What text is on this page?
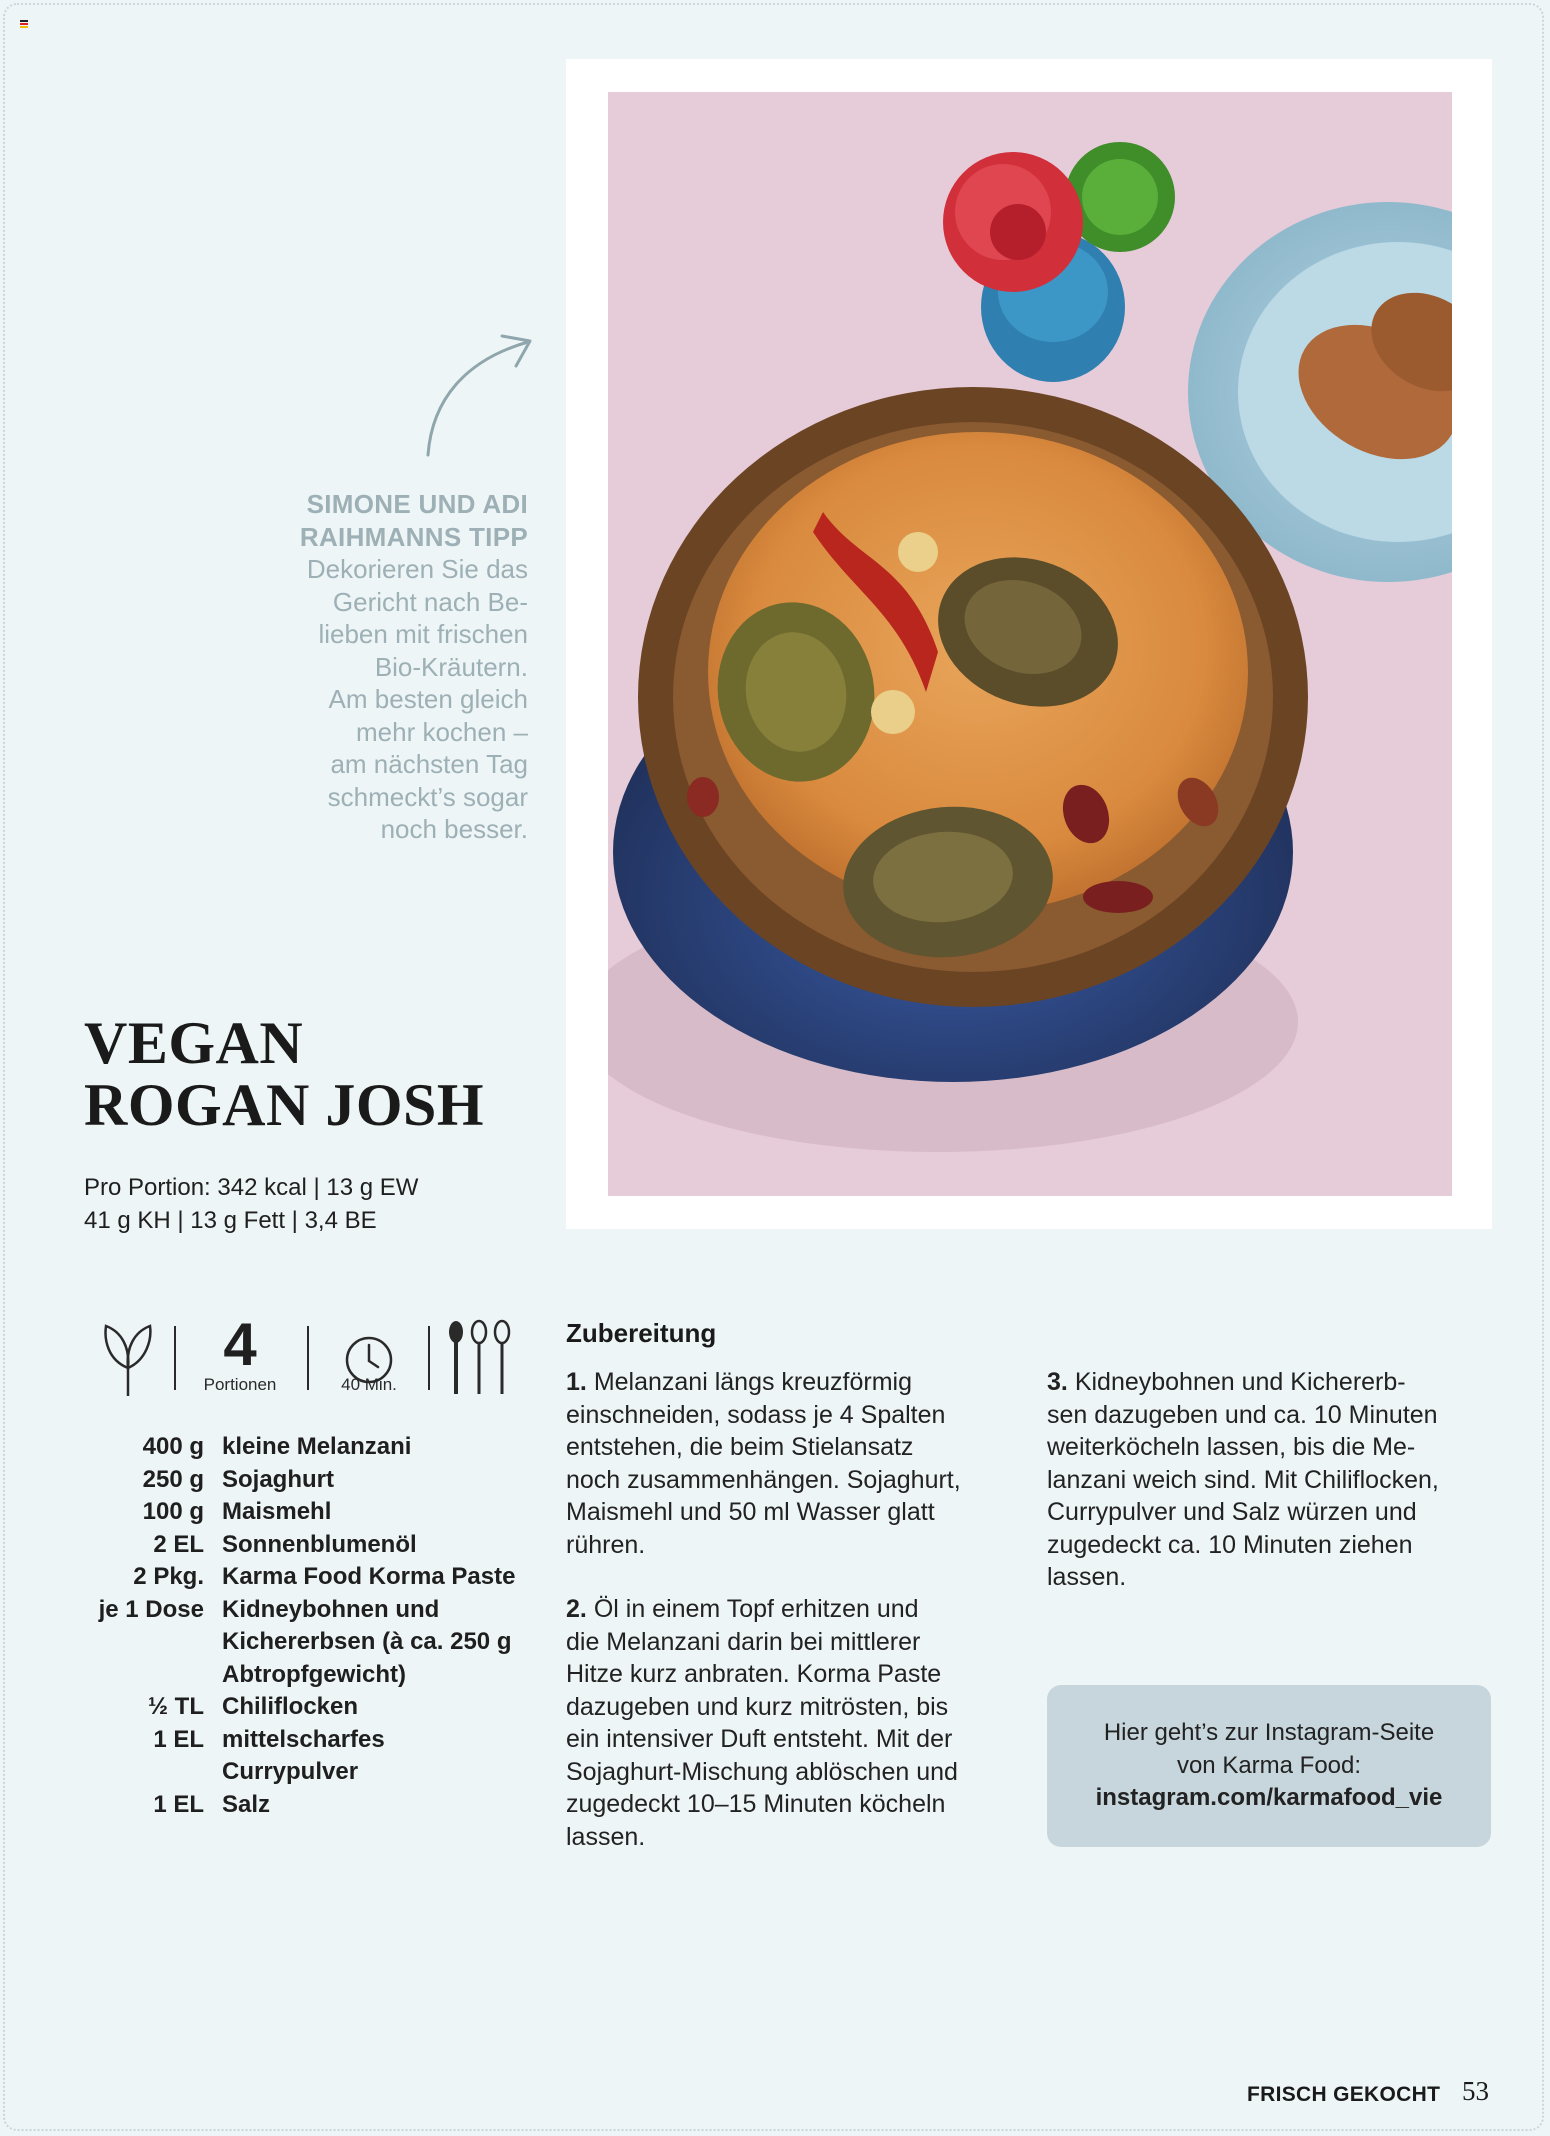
SIMONE UND ADI
RAIHMANNS TIPP
Dekorieren Sie das
Gericht nach Be-
lieben mit frischen
Bio-Kräutern.
Am besten gleich
mehr kochen –
am nächsten Tag
schmeckt’s sogar
noch besser.
VEGAN
ROGAN JOSH
Pro Portion: 342 kcal | 13 g EW
41 g KH | 13 g Fett | 3,4 BE
4
Portionen	40 Min.
400 g kleine Melanzani
250 g Sojaghurt
100 g Maismehl
2 EL Sonnenblumenöl
2 Pkg. Karma Food Korma Paste
je 1 Dose Kidneybohnen und
Kichererbsen (à ca. 250 g
Abtropfgewicht)
½ TL Chiliflocken
1 EL mittelscharfes
Currypulver
1 EL Salz
Zubereitung

1. Melanzani längs kreuzförmig
einschneiden, sodass je 4 Spalten
entstehen, die beim Stielansatz
noch zusammenhängen. Sojaghurt,
Maismehl und 50 ml Wasser glatt
rühren.

2. Öl in einem Topf erhitzen und
die Melanzani darin bei mittlerer
Hitze kurz anbraten. Korma Paste
dazugeben und kurz mitrösten, bis
ein intensiver Duft entsteht. Mit der
Sojaghurt-Mischung ablöschen und
zugedeckt 10–15 Minuten köcheln
lassen.

3. Kidneybohnen und Kichererb-
sen dazugeben und ca. 10 Minuten
weiterköcheln lassen, bis die Me-
lanzani weich sind. Mit Chiliflocken,
Currypulver und Salz würzen und
zugedeckt ca. 10 Minuten ziehen
lassen.

Hier geht’s zur Instagram-Seite
von Karma Food:
instagram.com/karmafood_vie
FRISCH GEKOCHT 53
